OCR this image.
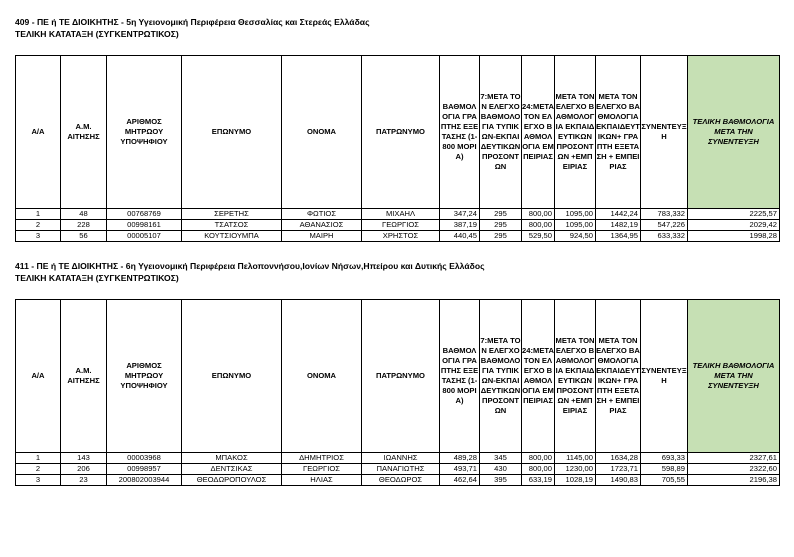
409 - ΠΕ ή ΤΕ ΔΙΟΙΚΗΤΗΣ - 5η Υγειονομική Περιφέρεια Θεσσαλίας και Στερεάς Ελλάδας
ΤΕΛΙΚΗ ΚΑΤΑΤΑΞΗ (ΣΥΓΚΕΝΤΡΩΤΙΚΟΣ)
Α/Α	Α.Μ. ΑΙΤΗΣΗΣ	ΑΡΙΘΜΟΣ ΜΗΤΡΩΟΥ ΥΠΟΨΗΦΙΟΥ	ΕΠΩΝΥΜΟ	ΟΝΟΜΑ	ΠΑΤΡΩΝΥΜΟ	ΒΑΘΜΟΛΟΓΙΑ ΓΡΑΠΤΗΣ ΕΞΕΤΑΣΗΣ (1-800 ΜΟΡΙΑ)	7:ΜΕΤΑ ΤΟΝ ΕΛΕΓΧΟ ΒΑΘΜΟΛΟΓΙΑ ΤΥΠΙΚΩΝ-ΕΚΠΑΙΔΕΥΤΙΚΩΝ ΠΡΟΣΟΝΤΩΝ	24:ΜΕΤΑ ΤΟΝ ΕΛΕΓΧΟ ΒΑΘΜΟΛΟΓΙΑ ΕΜΠΕΙΡΙΑΣ	ΜΕΤΑ ΤΟΝ ΕΛΕΓΧΟ ΒΑΘΜΟΛΟΓΙΑ ΕΚΠΑΙΔΕΥΤΙΚΩΝ ΠΡΟΣΟΝΤΩΝ +ΕΜΠΕΙΡΙΑΣ	ΜΕΤΑ ΤΟΝ ΕΛΕΓΧΟ ΒΑΘΜΟΛΟΓΙΑ ΕΚΠΑΙΔΕΥΤΙΚΩΝ+ ΓΡΑΠΤΗ ΕΞΕΤΑΣΗ + ΕΜΠΕΙΡΙΑΣ	ΣΥΝΕΝΤΕΥΞΗ	ΤΕΛΙΚΗ ΒΑΘΜΟΛΟΓΙΑ ΜΕΤΑ ΤΗΝ ΣΥΝΕΝΤΕΥΞΗ
1	48	00768769	ΣΕΡΕΤΗΣ	ΦΩΤΙΟΣ	ΜΙΧΑΗΛ	347,24	295	800,00	1095,00	1442,24	783,332	2225,57
2	228	00998161	ΤΣΑΤΣΟΣ	ΑΘΑΝΑΣΙΟΣ	ΓΕΩΡΓΙΟΣ	387,19	295	800,00	1095,00	1482,19	547,226	2029,42
3	56	00005107	ΚΟΥΤΣΙΟΥΜΠΑ	ΜΑΙΡΗ	ΧΡΗΣΤΟΣ	440,45	295	529,50	924,50	1364,95	633,332	1998,28
411 - ΠΕ ή ΤΕ ΔΙΟΙΚΗΤΗΣ - 6η Υγειονομική Περιφέρεια Πελοποννήσου,Ιονίων Νήσων,Ηπείρου και Δυτικής Ελλάδος
ΤΕΛΙΚΗ ΚΑΤΑΤΑΞΗ (ΣΥΓΚΕΝΤΡΩΤΙΚΟΣ)
Α/Α	Α.Μ. ΑΙΤΗΣΗΣ	ΑΡΙΘΜΟΣ ΜΗΤΡΩΟΥ ΥΠΟΨΗΦΙΟΥ	ΕΠΩΝΥΜΟ	ΟΝΟΜΑ	ΠΑΤΡΩΝΥΜΟ	ΒΑΘΜΟΛΟΓΙΑ ΓΡΑΠΤΗΣ ΕΞΕΤΑΣΗΣ (1-800 ΜΟΡΙΑ)	7:ΜΕΤΑ ΤΟΝ ΕΛΕΓΧΟ ΒΑΘΜΟΛΟΓΙΑ ΤΥΠΙΚΩΝ-ΕΚΠΑΙΔΕΥΤΙΚΩΝ ΠΡΟΣΟΝΤΩΝ	24:ΜΕΤΑ ΤΟΝ ΕΛΕΓΧΟ ΒΑΘΜΟΛΟΓΙΑ ΕΜΠΕΙΡΙΑΣ	ΜΕΤΑ ΤΟΝ ΕΛΕΓΧΟ ΒΑΘΜΟΛΟΓΙΑ ΕΚΠΑΙΔΕΥΤΙΚΩΝ ΠΡΟΣΟΝΤΩΝ +ΕΜΠΕΙΡΙΑΣ	ΜΕΤΑ ΤΟΝ ΕΛΕΓΧΟ ΒΑΘΜΟΛΟΓΙΑ ΕΚΠΑΙΔΕΥΤΙΚΩΝ+ ΓΡΑΠΤΗ ΕΞΕΤΑΣΗ + ΕΜΠΕΙΡΙΑΣ	ΣΥΝΕΝΤΕΥΞΗ	ΤΕΛΙΚΗ ΒΑΘΜΟΛΟΓΙΑ ΜΕΤΑ ΤΗΝ ΣΥΝΕΝΤΕΥΞΗ
1	143	00003968	ΜΠΑΚΟΣ	ΔΗΜΗΤΡΙΟΣ	ΙΩΑΝΝΗΣ	489,28	345	800,00	1145,00	1634,28	693,33	2327,61
2	206	00998957	ΔΕΝΤΣΙΚΑΣ	ΓΕΩΡΓΙΟΣ	ΠΑΝΑΓΙΩΤΗΣ	493,71	430	800,00	1230,00	1723,71	598,89	2322,60
3	23	200802003944	ΘΕΟΔΩΡΟΠΟΥΛΟΣ	ΗΛΙΑΣ	ΘΕΟΔΩΡΟΣ	462,64	395	633,19	1028,19	1490,83	705,55	2196,38
